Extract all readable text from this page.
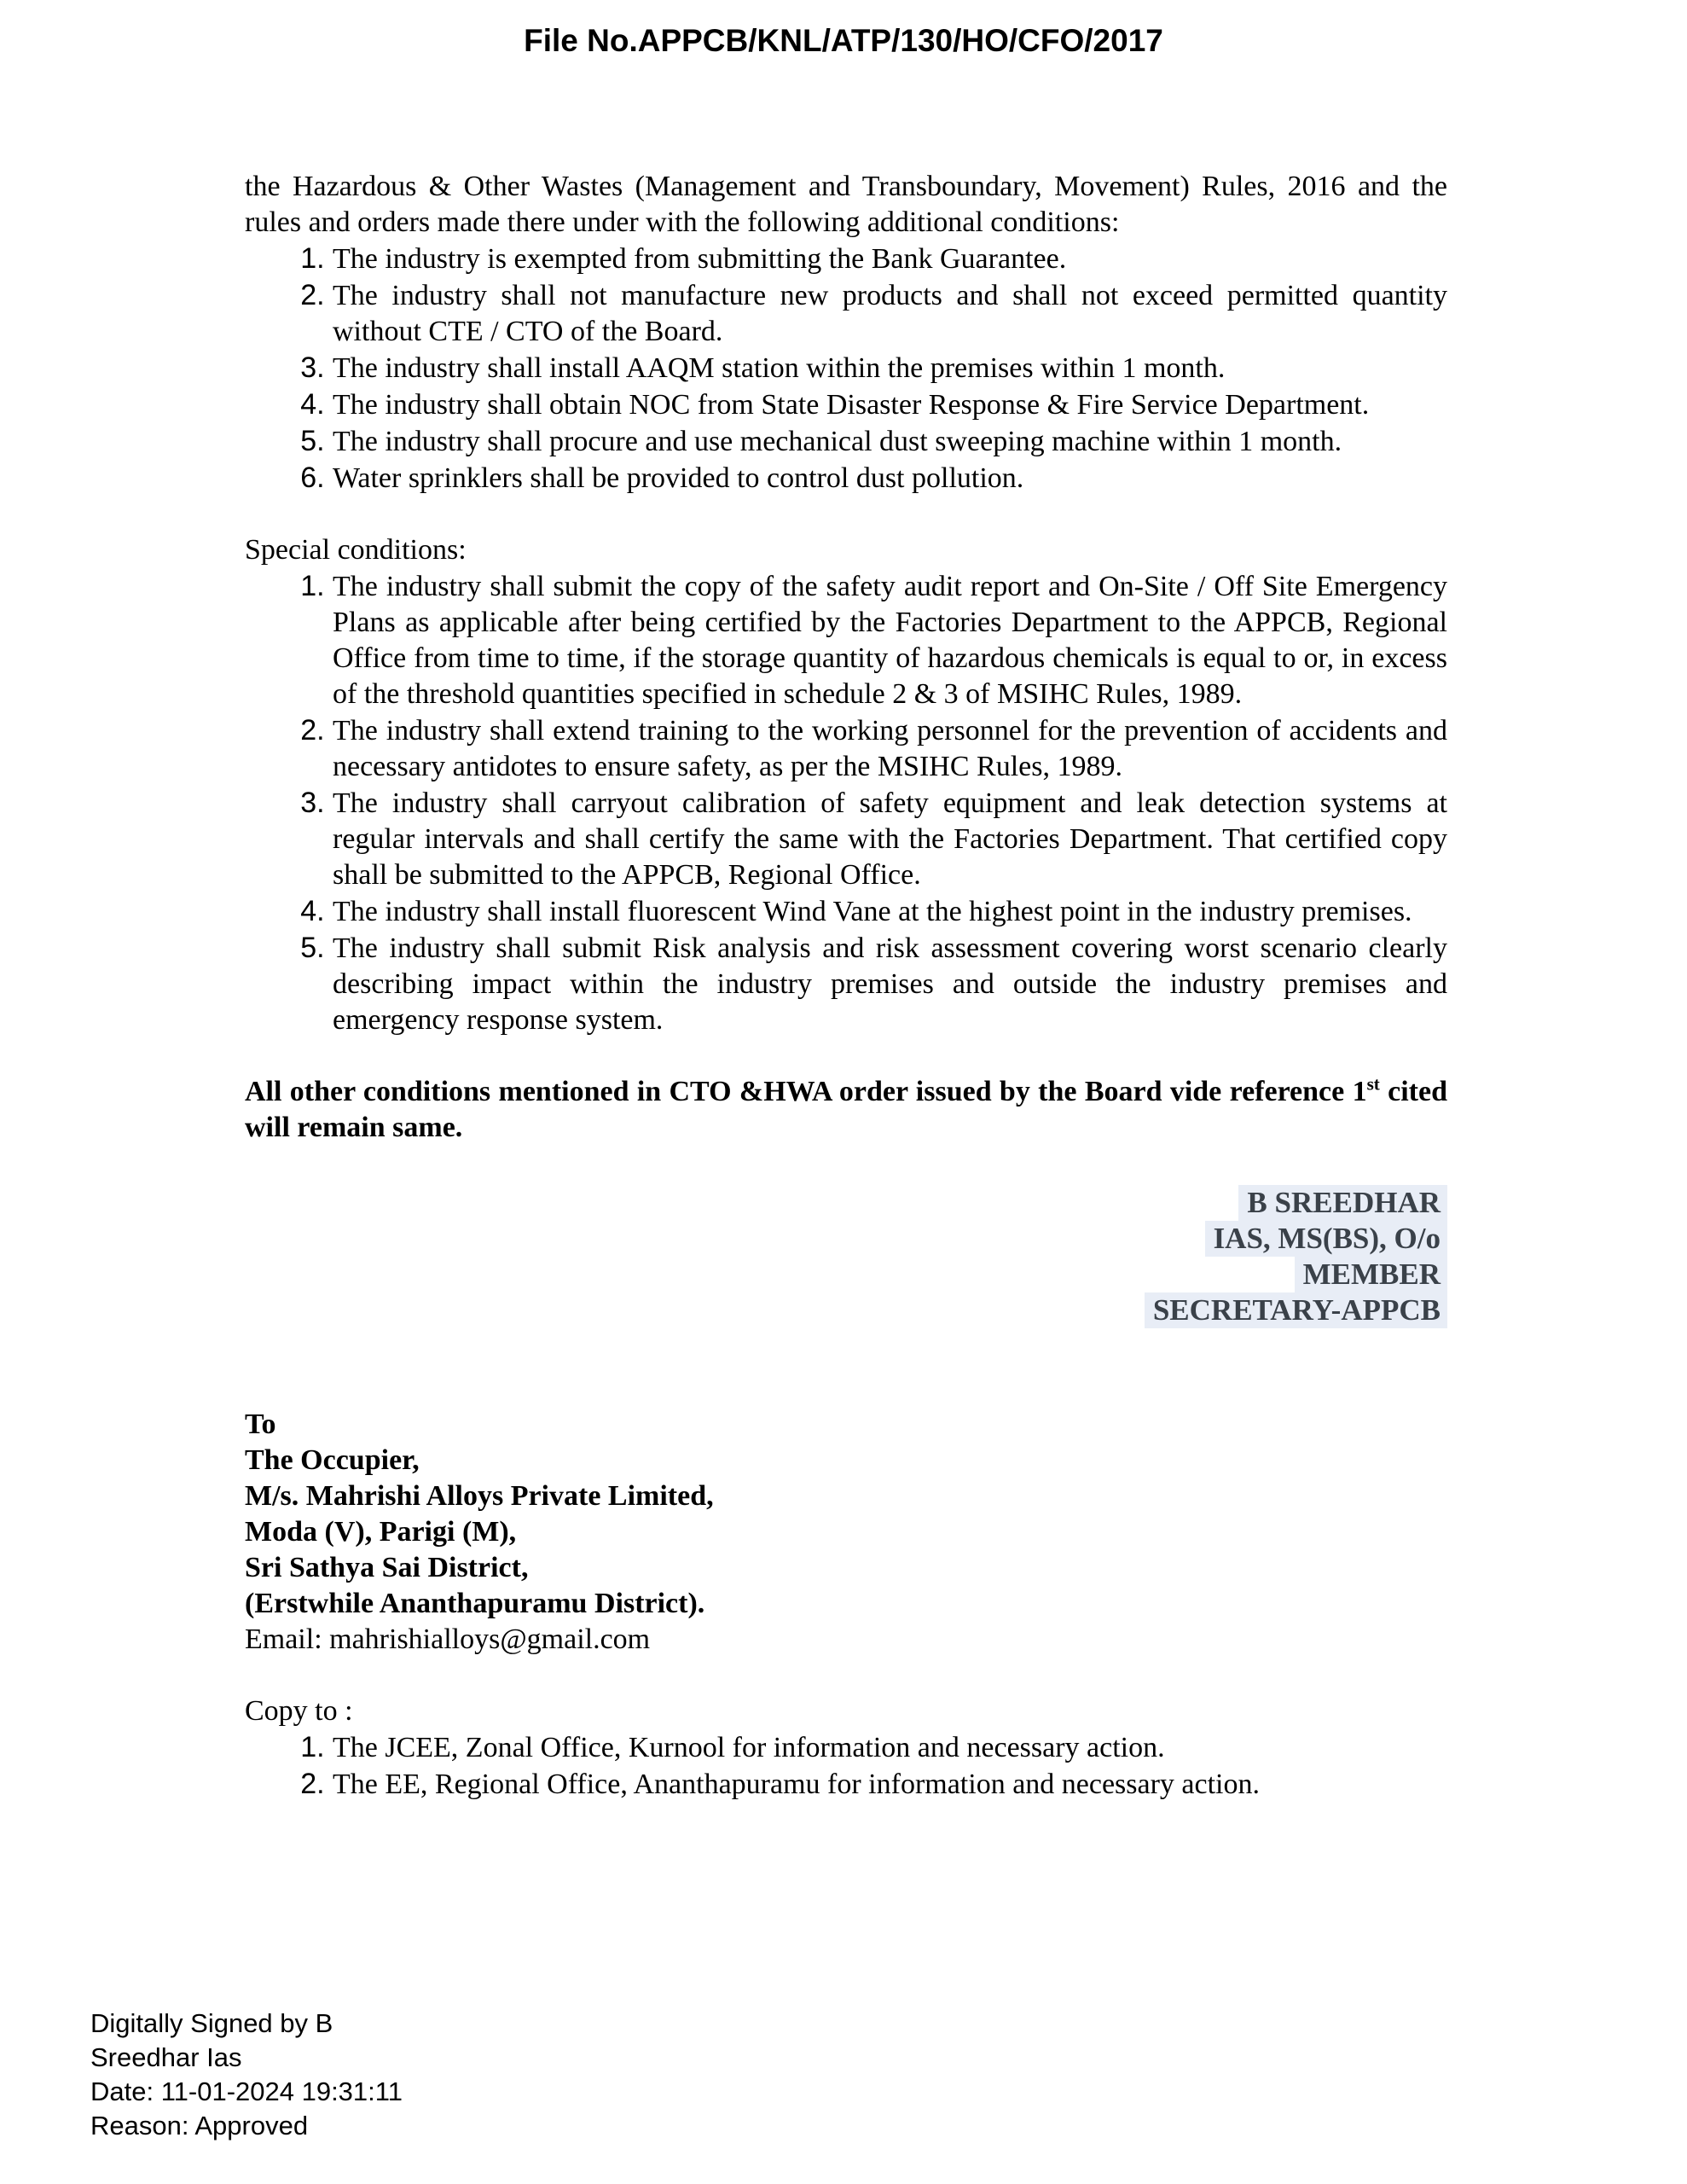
File No.APPCB/KNL/ATP/130/HO/CFO/2017

the Hazardous & Other Wastes (Management and Transboundary, Movement) Rules, 2016 and the rules and orders made there under with the following additional conditions:

1. The industry is exempted from submitting the Bank Guarantee.
2. The industry shall not manufacture new products and shall not exceed permitted quantity without CTE / CTO of the Board.
3. The industry shall install AAQM station within the premises within 1 month.
4. The industry shall obtain NOC from State Disaster Response & Fire Service Department.
5. The industry shall procure and use mechanical dust sweeping machine within 1 month.
6. Water sprinklers shall be provided to control dust pollution.

Special conditions:

1. The industry shall submit the copy of the safety audit report and On-Site / Off Site Emergency Plans as applicable after being certified by the Factories Department to the APPCB, Regional Office from time to time, if the storage quantity of hazardous chemicals is equal to or, in excess of the threshold quantities specified in schedule 2 & 3 of MSIHC Rules, 1989.
2. The industry shall extend training to the working personnel for the prevention of accidents and necessary antidotes to ensure safety, as per the MSIHC Rules, 1989.
3. The industry shall carryout calibration of safety equipment and leak detection systems at regular intervals and shall certify the same with the Factories Department. That certified copy shall be submitted to the APPCB, Regional Office.
4. The industry shall install fluorescent Wind Vane at the highest point in the industry premises.
5. The industry shall submit Risk analysis and risk assessment covering worst scenario clearly describing impact within the industry premises and outside the industry premises and emergency response system.

All other conditions mentioned in CTO &HWA order issued by the Board vide reference 1st cited will remain same.

B SREEDHAR
IAS, MS(BS), O/o
MEMBER
SECRETARY-APPCB
To
The Occupier,
M/s. Mahrishi Alloys Private Limited,
Moda (V), Parigi (M),
Sri Sathya Sai District,
(Erstwhile Ananthapuramu District).
Email: mahrishialloys@gmail.com

Copy to :

1. The JCEE, Zonal Office, Kurnool for information and necessary action.
2. The EE, Regional Office, Ananthapuramu for information and necessary action.
Digitally Signed by B
Sreedhar Ias
Date: 11-01-2024 19:31:11
Reason: Approved
